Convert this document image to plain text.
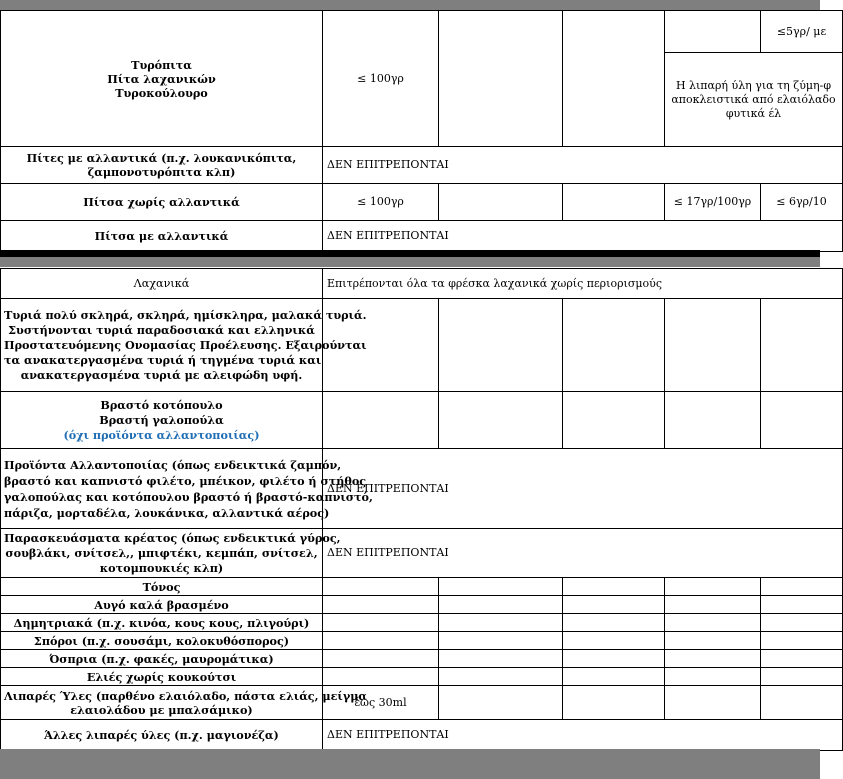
Τυρόπιτα
Πίτα λαχανικών
Τυροκούλουρο	≤ 100γρ				≤5γρ/ με

				Η λιπαρή ύλη για τη ζύμη-φ
αποκλειστικά από ελαιόλαδο
φυτικά έλ	

Πίτες με αλλαντικά (π.χ. λουκανικόπιτα,
ζαμπονοτυρόπιτα κλπ)	ΔΕΝ ΕΠΙΤΡΕΠΟΝΤΑΙ				
Πίτσα χωρίς αλλαντικά	≤ 100γρ			≤ 17γρ/100γρ	≤ 6γρ/10
Πίτσα με αλλαντικά	ΔΕΝ ΕΠΙΤΡΕΠΟΝΤΑΙ				
Λαχανικά	Επιτρέπονται όλα τα φρέσκα λαχανικά χωρίς περιορισμούς				

Τυριά πολύ σκληρά, σκληρά, ημίσκληρα, μαλακά τυριά.
Συστήνονται τυριά παραδοσιακά και ελληνικά
Προστατευόμενης Ονομασίας Προέλευσης. Εξαιρούνται
τα ανακατεργασμένα τυριά ή τηγμένα τυριά και
ανακατεργασμένα τυριά με αλειφώδη υφή.					

Βραστό κοτόπουλο
Βραστή γαλοπούλα
(όχι προϊόντα αλλαντοποιίας)					

Προϊόντα Αλλαντοποιίας (όπως ενδεικτικά ζαμπόν,
βραστό και καπνιστό φιλέτο, μπέικον, φιλέτο ή στήθος
γαλοπούλας και κοτόπουλου βραστό ή βραστό-καπνιστό,
πάριζα, μορταδέλα, λουκάνικα, αλλαντικά αέρος)	ΔΕΝ ΕΠΙΤΡΕΠΟΝΤΑΙ				

Παρασκευάσματα κρέατος (όπως ενδεικτικά γύρος,
σουβλάκι, σνίτσελ,, μπιφτέκι, κεμπάπ, σνίτσελ,
κοτομπουκιές κλπ)	ΔΕΝ ΕΠΙΤΡΕΠΟΝΤΑΙ				
Τόνος					
Αυγό καλά βρασμένο					
Δημητριακά (π.χ. κινόα, κους κους, πλιγούρι)					
Σπόροι (π.χ. σουσάμι, κολοκυθόσπορος)					
Όσπρια (π.χ. φακές, μαυρομάτικα)					
Ελιές χωρίς κουκούτσι					

Λιπαρές Ύλες (παρθένο ελαιόλαδο, πάστα ελιάς, μείγμα
ελαιολάδου με μπαλσάμικο)	έως 30ml				
Άλλες λιπαρές ύλες (π.χ. μαγιονέζα)	ΔΕΝ ΕΠΙΤΡΕΠΟΝΤΑΙ				
